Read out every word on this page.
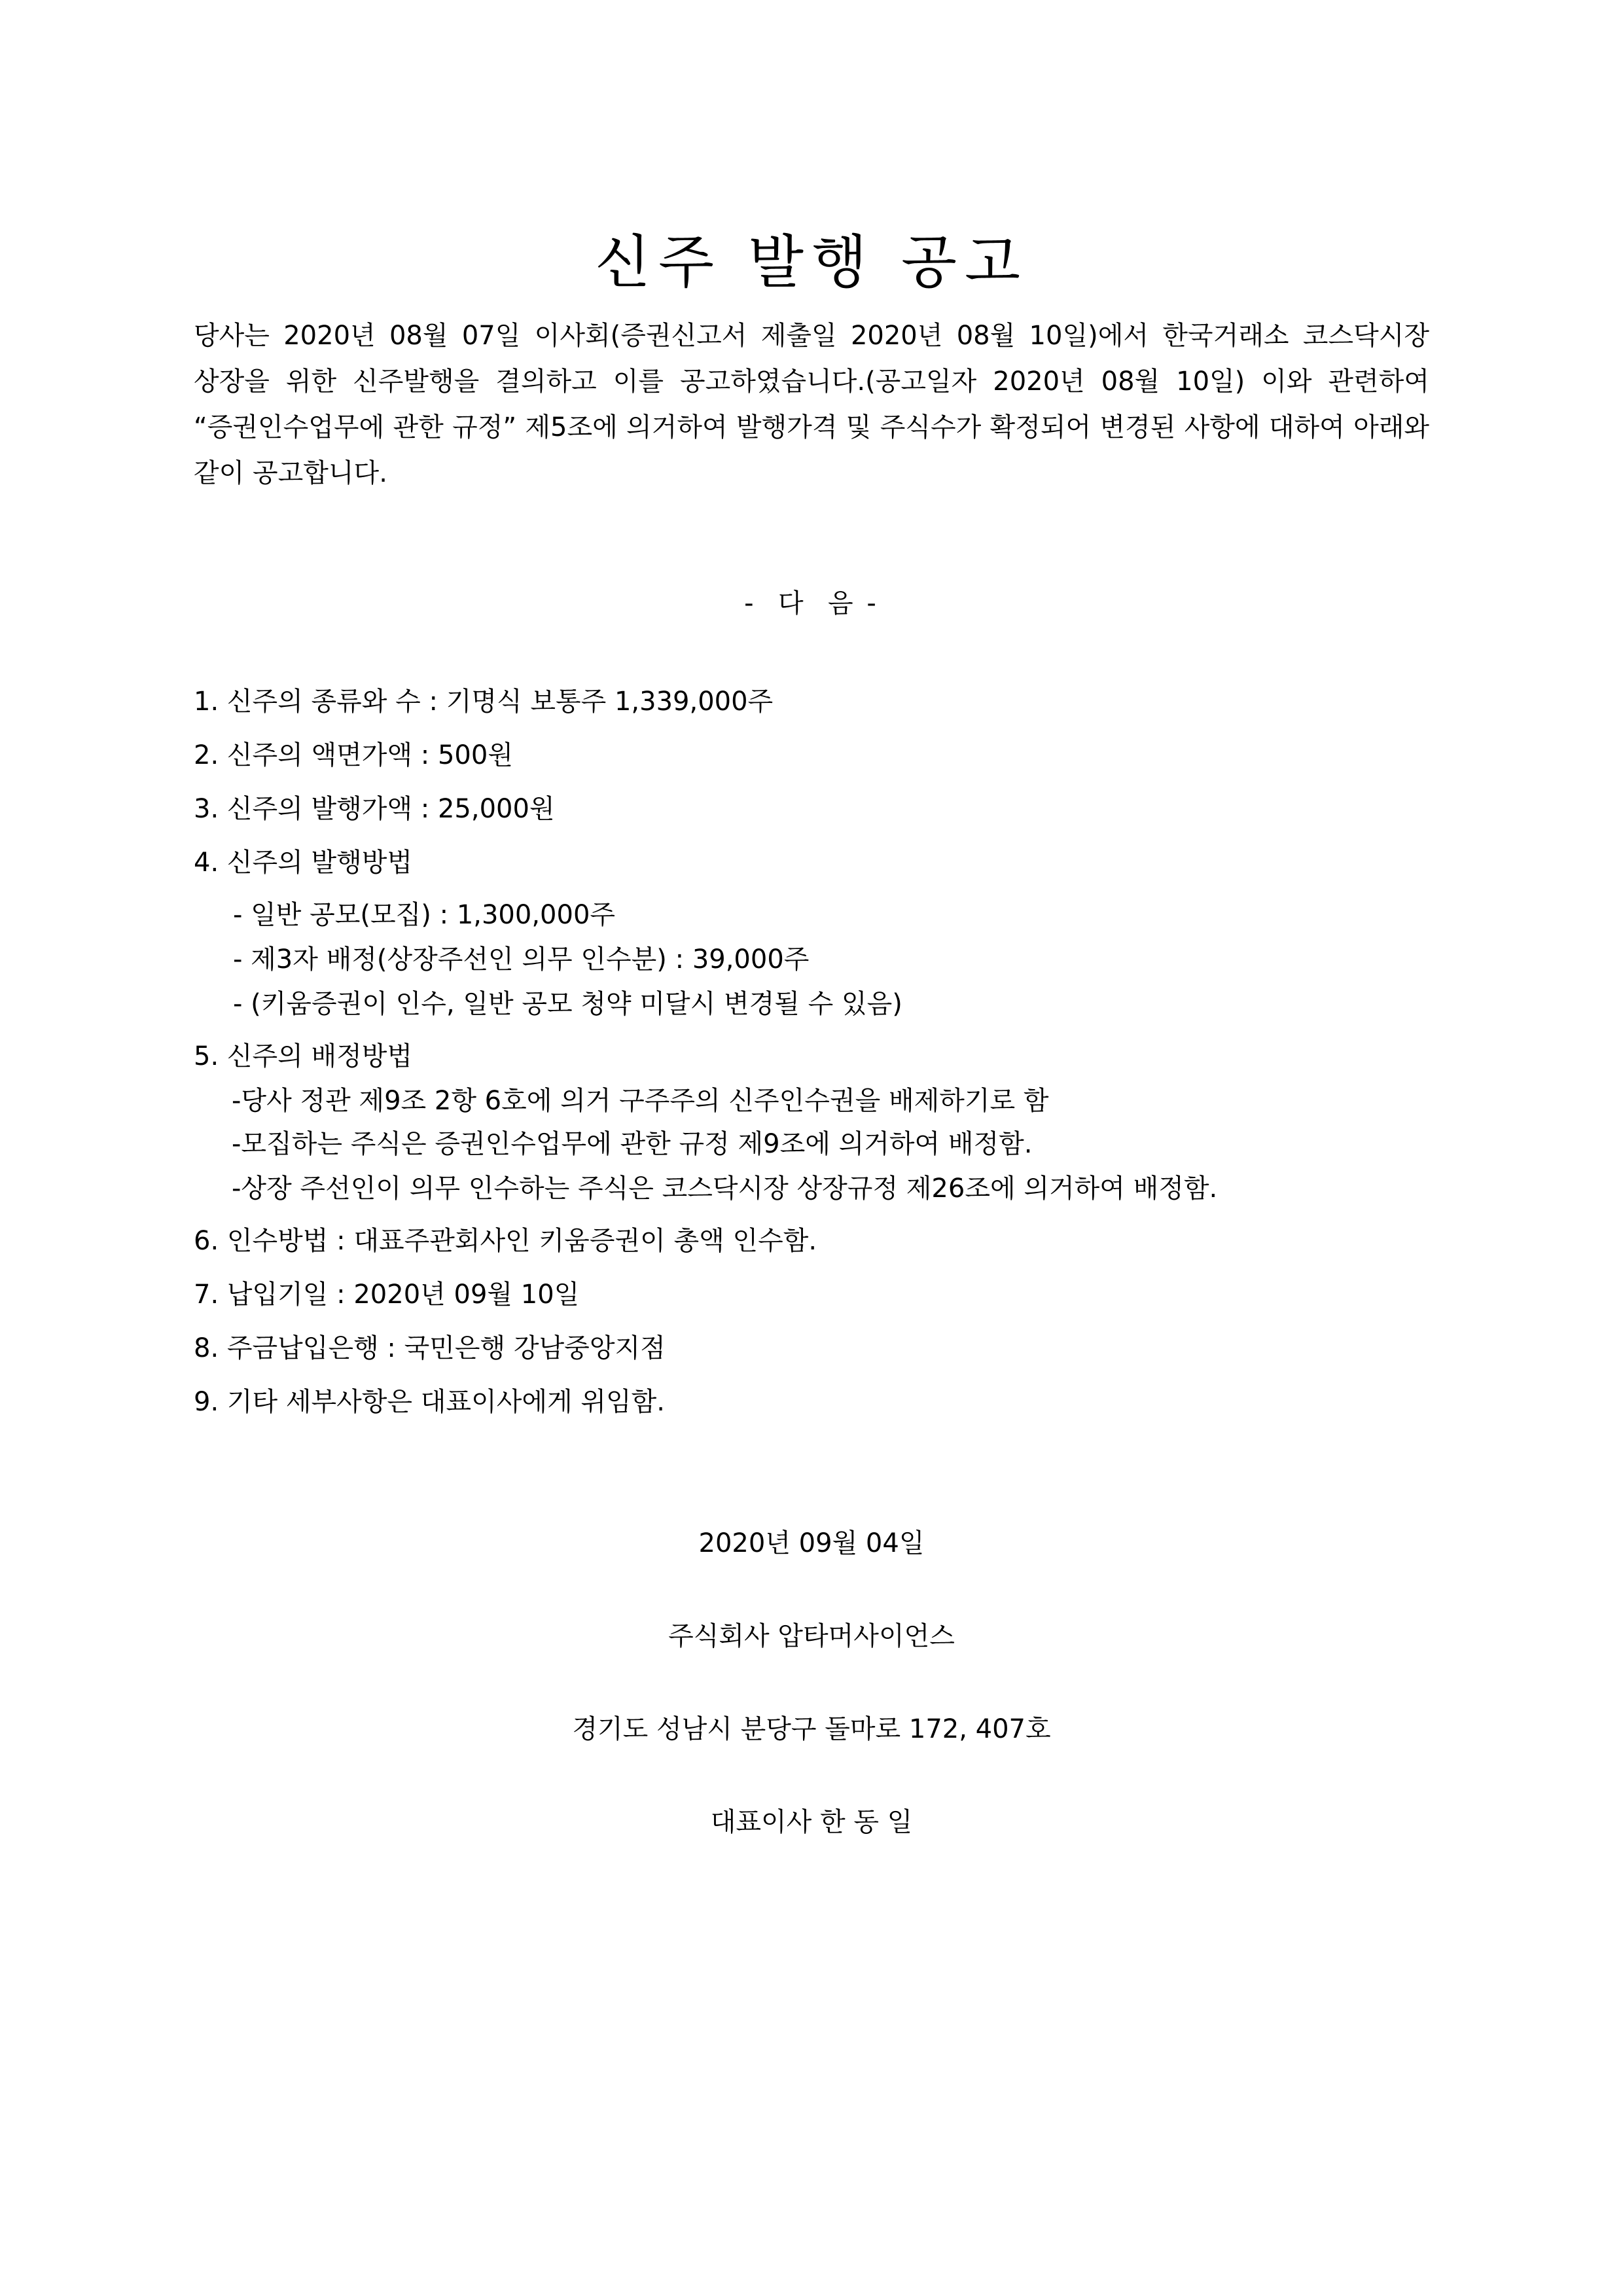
신주 발행 공고

당사는 2020년 08월 07일 이사회(증권신고서 제출일 2020년 08월 10일)에서 한국거래소 코스닥시장 상장을 위한 신주발행을 결의하고 이를 공고하였습니다.(공고일자 2020년 08월 10일) 이와 관련하여 “증권인수업무에 관한 규정” 제5조에 의거하여 발행가격 및 주식수가 확정되어 변경된 사항에 대하여 아래와 같이 공고합니다.

-  다  음 -
1. 신주의 종류와 수 : 기명식 보통주 1,339,000주
2. 신주의 액면가액 : 500원
3. 신주의 발행가액 : 25,000원
4. 신주의 발행방법
- 일반 공모(모집) : 1,300,000주
- 제3자 배정(상장주선인 의무 인수분) : 39,000주
- (키움증권이 인수, 일반 공모 청약 미달시 변경될 수 있음)
5. 신주의 배정방법
-당사 정관 제9조 2항 6호에 의거 구주주의 신주인수권을 배제하기로 함
-모집하는 주식은 증권인수업무에 관한 규정 제9조에 의거하여 배정함.
-상장 주선인이 의무 인수하는 주식은 코스닥시장 상장규정 제26조에 의거하여 배정함.
6. 인수방법 : 대표주관회사인 키움증권이 총액 인수함.
7. 납입기일 : 2020년 09월 10일
8. 주금납입은행 : 국민은행 강남중앙지점
9. 기타 세부사항은 대표이사에게 위임함.
2020년 09월 04일
주식회사 압타머사이언스
경기도 성남시 분당구 돌마로 172, 407호
대표이사 한 동 일
